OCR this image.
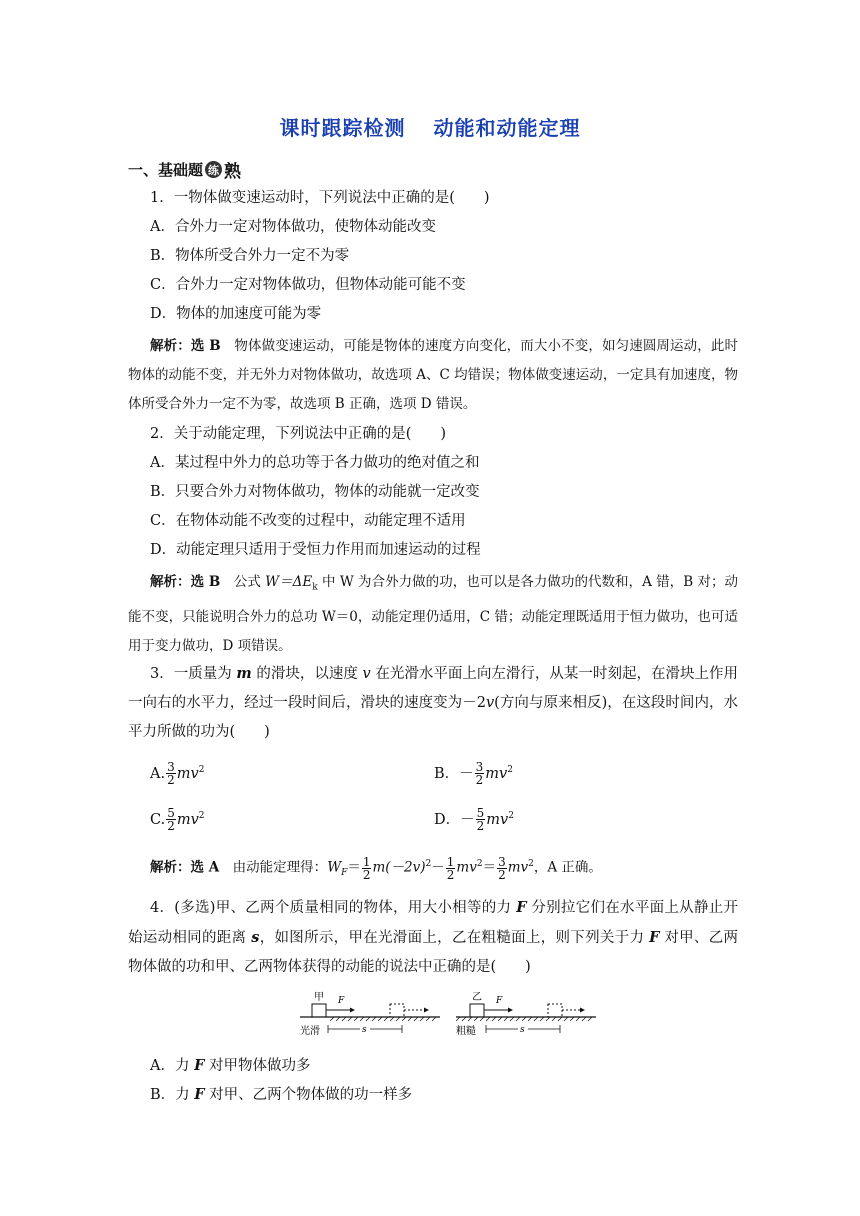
课时跟踪检测 动能和动能定理
一、基础题 练 熟
1．一物体做变速运动时，下列说法中正确的是(　　)
A．合外力一定对物体做功，使物体动能改变
B．物体所受合外力一定不为零
C．合外力一定对物体做功，但物体动能可能不变
D．物体的加速度可能为零
解析：选 B　物体做变速运动，可能是物体的速度方向变化，而大小不变，如匀速圆周运动，此时物体的动能不变，并无外力对物体做功，故选项 A、C 均错误；物体做变速运动，一定具有加速度，物体所受合外力一定不为零，故选项 B 正确，选项 D 错误。
2．关于动能定理，下列说法中正确的是(　　)
A．某过程中外力的总功等于各力做功的绝对值之和
B．只要合外力对物体做功，物体的动能就一定改变
C．在物体动能不改变的过程中，动能定理不适用
D．动能定理只适用于受恒力作用而加速运动的过程
解析：选 B　公式 $W=\Delta E_k$ 中 W 为合外力做的功，也可以是各力做功的代数和，A 错，B 对；动能不变，只能说明合外力的总功 W＝0，动能定理仍适用，C 错；动能定理既适用于恒力做功，也可适用于变力做功，D 项错误。
3．一质量为 m 的滑块，以速度 v 在光滑水平面上向左滑行，从某一时刻起，在滑块上作用一向右的水平力，经过一段时间后，滑块的速度变为－2v(方向与原来相反)，在这段时间内，水平力所做的功为(　　)
A. $\frac{3}{2} mv^2$	B．－ $\frac{3}{2} mv^2$
C. $\frac{5}{2} mv^2$	D．－ $\frac{5}{2} mv^2$
解析：选 A　由动能定理得：$W_F= \frac{1}{2} m(-2v)^2- \frac{1}{2} mv^2= \frac{3}{2} mv^2$，A 正确。
4．(多选)甲、乙两个质量相同的物体，用大小相等的力 F 分别拉它们在水平面上从静止开始运动相同的距离 s，如图所示，甲在光滑面上，乙在粗糙面上，则下列关于力 F 对甲、乙两物体做的功和甲、乙两物体获得的动能的说法中正确的是(　　)
甲 F
光滑	s
乙 F
粗糙	s
A．力 F 对甲物体做功多
B．力 F 对甲、乙两个物体做的功一样多
